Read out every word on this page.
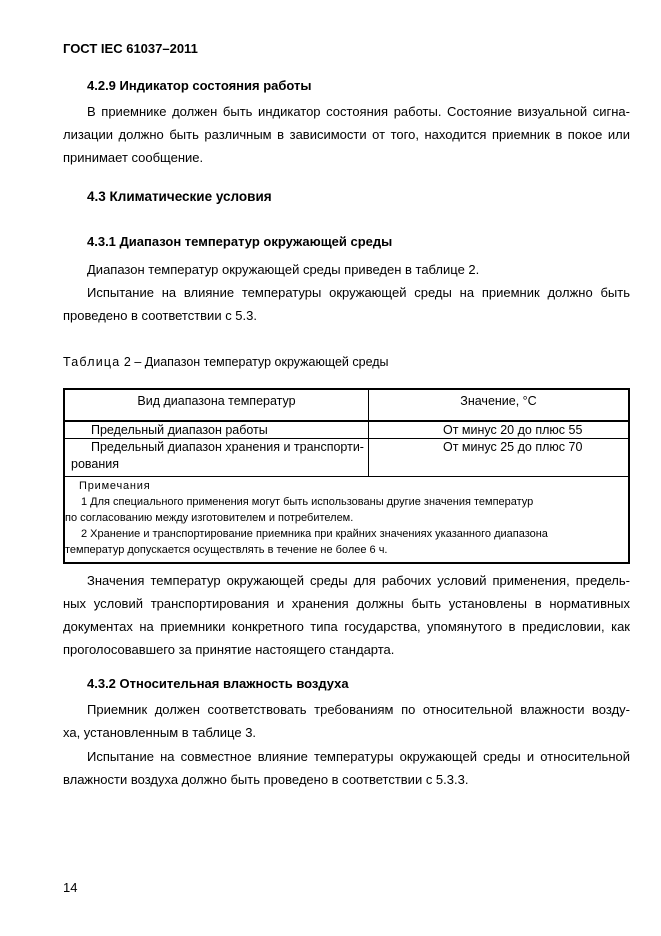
ГОСТ IEC 61037–2011
4.2.9 Индикатор состояния работы
В приемнике должен быть индикатор состояния работы. Состояние визуальной сигна-
лизации должно быть различным в зависимости от того, находится приемник в покое или
принимает сообщение.
4.3 Климатические условия
4.3.1 Диапазон температур окружающей среды
Диапазон температур окружающей среды приведен в таблице 2.
Испытание на влияние температуры окружающей среды на приемник должно быть
проведено в соответствии с 5.3.
Таблица 2 – Диапазон температур окружающей среды
Вид диапазона температур	Значение, °С
Предельный диапазон работы	От минус 20 до плюс 55

Предельный диапазон хранения и транспорти-
рования	От минус 25 до плюс 70

Примечания
1 Для специального применения могут быть использованы другие значения температур
по согласованию между изготовителем и потребителем.
2 Хранение и транспортирование приемника при крайних значениях указанного диапазона
температур допускается осуществлять в течение не более 6 ч.	
Значения температур окружающей среды для рабочих условий применения, предель-
ных условий транспортирования и хранения должны быть установлены в нормативных
документах на приемники конкретного типа государства, упомянутого в предисловии, как
проголосовавшего за принятие настоящего стандарта.
4.3.2 Относительная влажность воздуха
Приемник должен соответствовать требованиям по относительной влажности возду-
ха, установленным в таблице 3.
Испытание на совместное влияние температуры окружающей среды и относительной
влажности воздуха должно быть проведено в соответствии с 5.3.3.
14
